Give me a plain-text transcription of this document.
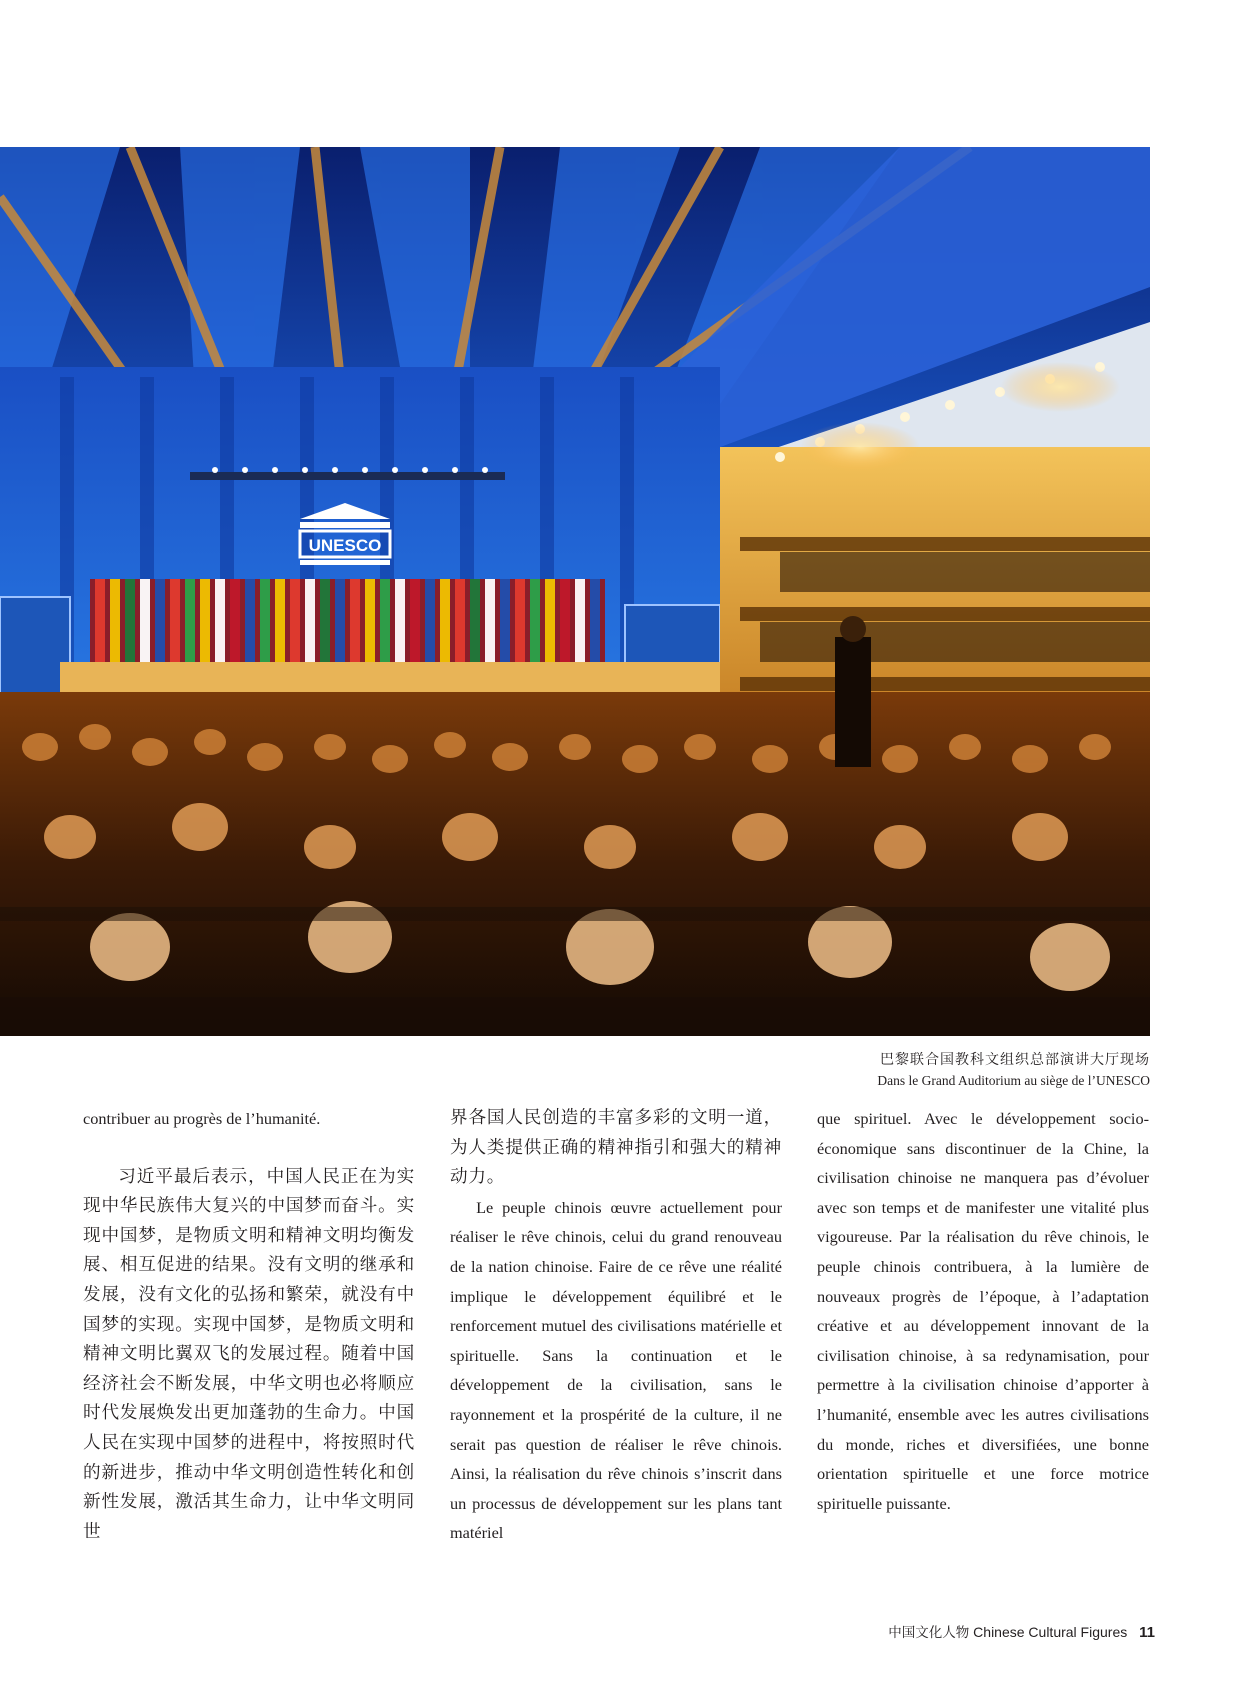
UNESCO
巴黎联合国教科文组织总部演讲大厅现场
Dans le Grand Auditorium au siège de l’UNESCO

contribuer au progrès de l’humanité.

习近平最后表示，中国人民正在为实现中华民族伟大复兴的中国梦而奋斗。实现中国梦，是物质文明和精神文明均衡发展、相互促进的结果。没有文明的继承和发展，没有文化的弘扬和繁荣，就没有中国梦的实现。实现中国梦，是物质文明和精神文明比翼双飞的发展过程。随着中国经济社会不断发展，中华文明也必将顺应时代发展焕发出更加蓬勃的生命力。中国人民在实现中国梦的进程中，将按照时代的新进步，推动中华文明创造性转化和创新性发展，激活其生命力，让中华文明同世

界各国人民创造的丰富多彩的文明一道，为人类提供正确的精神指引和强大的精神动力。

Le peuple chinois œuvre actuellement pour réaliser le rêve chinois, celui du grand renouveau de la nation chinoise. Faire de ce rêve une réalité implique le développement équilibré et le renforcement mutuel des civilisations matérielle et spirituelle. Sans la continuation et le développement de la civilisation, sans le rayonnement et la prospérité de la culture, il ne serait pas question de réaliser le rêve chinois. Ainsi, la réalisation du rêve chinois s’inscrit dans un processus de développement sur les plans tant matériel

que spirituel. Avec le développement socio-économique sans discontinuer de la Chine, la civilisation chinoise ne manquera pas d’évoluer avec son temps et de manifester une vitalité plus vigoureuse. Par la réalisation du rêve chinois, le peuple chinois contribuera, à la lumière de nouveaux progrès de l’époque, à l’adaptation créative et au développement innovant de la civilisation chinoise, à sa redynamisation, pour permettre à la civilisation chinoise d’apporter à l’humanité, ensemble avec les autres civilisations du monde, riches et diversifiées, une bonne orientation spirituelle et une force motrice spirituelle puissante.

中国文化人物 Chinese Cultural Figures 11
